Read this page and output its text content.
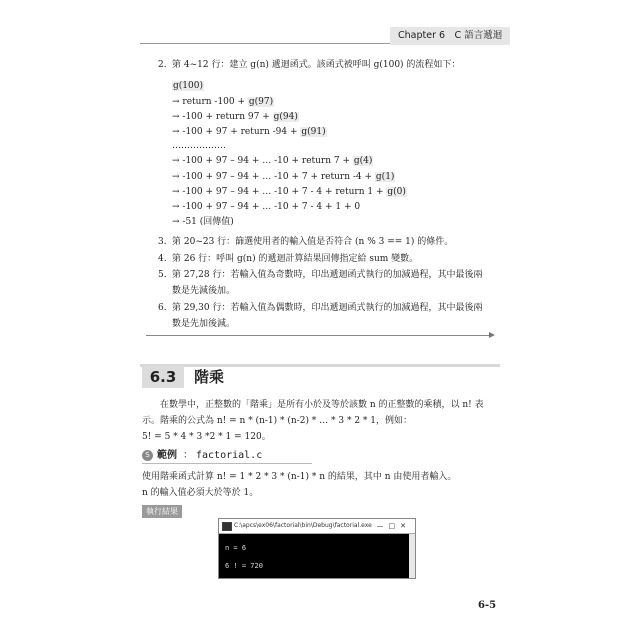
Chapter 6　C 語言遞迴
2. 第 4~12 行：建立 g(n) 遞迴函式。該函式被呼叫 g(100) 的流程如下：
g(100)
→ return -100 + g(97)
→ -100 + return 97 + g(94)
→ -100 + 97 + return -94 + g(91)
………………
→ -100 + 97 – 94 + … -10 + return 7 + g(4)
→ -100 + 97 – 94 + … -10 + 7 + return -4 + g(1)
→ -100 + 97 – 94 + … -10 + 7 - 4 + return 1 + g(0)
→ -100 + 97 – 94 + … -10 + 7 - 4 + 1 + 0
→ -51 (回傳值)
3. 第 20~23 行：篩選使用者的輸入值是否符合 (n % 3 == 1) 的條件。
4. 第 26 行：呼叫 g(n) 的遞迴計算結果回傳指定給 sum 變數。
5. 第 27,28 行：若輸入值為奇數時，印出遞迴函式執行的加減過程，其中最後兩
數是先減後加。
6. 第 29,30 行：若輸入值為偶數時，印出遞迴函式執行的加減過程，其中最後兩
數是先加後減。
6.3	階乘
在數學中，正整數的「階乘」是所有小於及等於該數 n 的正整數的乘積，以 n! 表
示。階乘的公式為 n! = n * (n-1) * (n-2) * … * 3 * 2 * 1，例如：
5! = 5 * 4 * 3 *2 * 1 = 120。
S 範例 ： factorial.c
使用階乘函式計算 n! = 1 * 2 * 3 * (n-1) * n 的結果，其中 n 由使用者輸入。
n 的輸入值必須大於等於 1。
執行結果
C:\apcs\ex06\factorial\bin\Debug\factorial.exe —□✕
n = 6
6 ! = 720
6-5
